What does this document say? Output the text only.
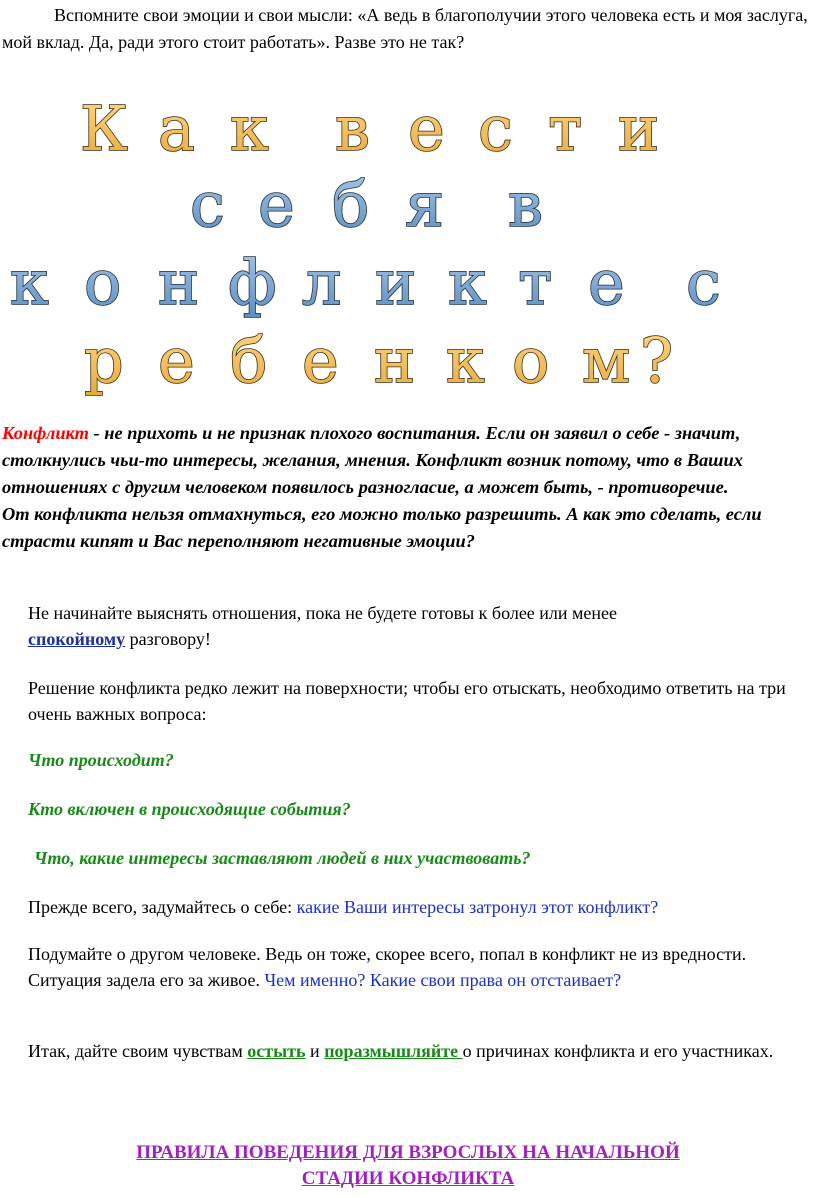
Вспомните свои эмоции и свои мысли: «А ведь в благополучии этого человека есть и моя заслуга, мой вклад. Да, ради этого стоит работать». Разве это не так?

К а к в е с т и
с е б я в
к о н ф л и к т е с
р е б е н к о м ?

Конфликт - не прихоть и не признак плохого воспитания. Если он заявил о себе - значит, столкнулись чьи-то интересы, желания, мнения. Конфликт возник потому, что в Ваших отношениях с другим человеком появилось разногласие, а может быть, - противоречие.
От конфликта нельзя отмахнуться, его можно только разрешить. А как это сделать, если страсти кипят и Вас переполняют негативные эмоции?

Не начинайте выяснять отношения, пока не будете готовы к более или менее
спокойному разговору!

Решение конфликта редко лежит на поверхности; чтобы его отыскать, необходимо ответить на три очень важных вопроса:

Что происходит?

Кто включен в происходящие события?

Что, какие интересы заставляют людей в них участвовать?

Прежде всего, задумайтесь о себе: какие Ваши интересы затронул этот конфликт?

Подумайте о другом человеке. Ведь он тоже, скорее всего, попал в конфликт не из вредности. Ситуация задела его за живое. Чем именно? Какие свои права он отстаивает?

Итак, дайте своим чувствам остыть и поразмышляйте о причинах конфликта и его участниках.

ПРАВИЛА ПОВЕДЕНИЯ ДЛЯ ВЗРОСЛЫХ НА НАЧАЛЬНОЙ
СТАДИИ КОНФЛИКТА
